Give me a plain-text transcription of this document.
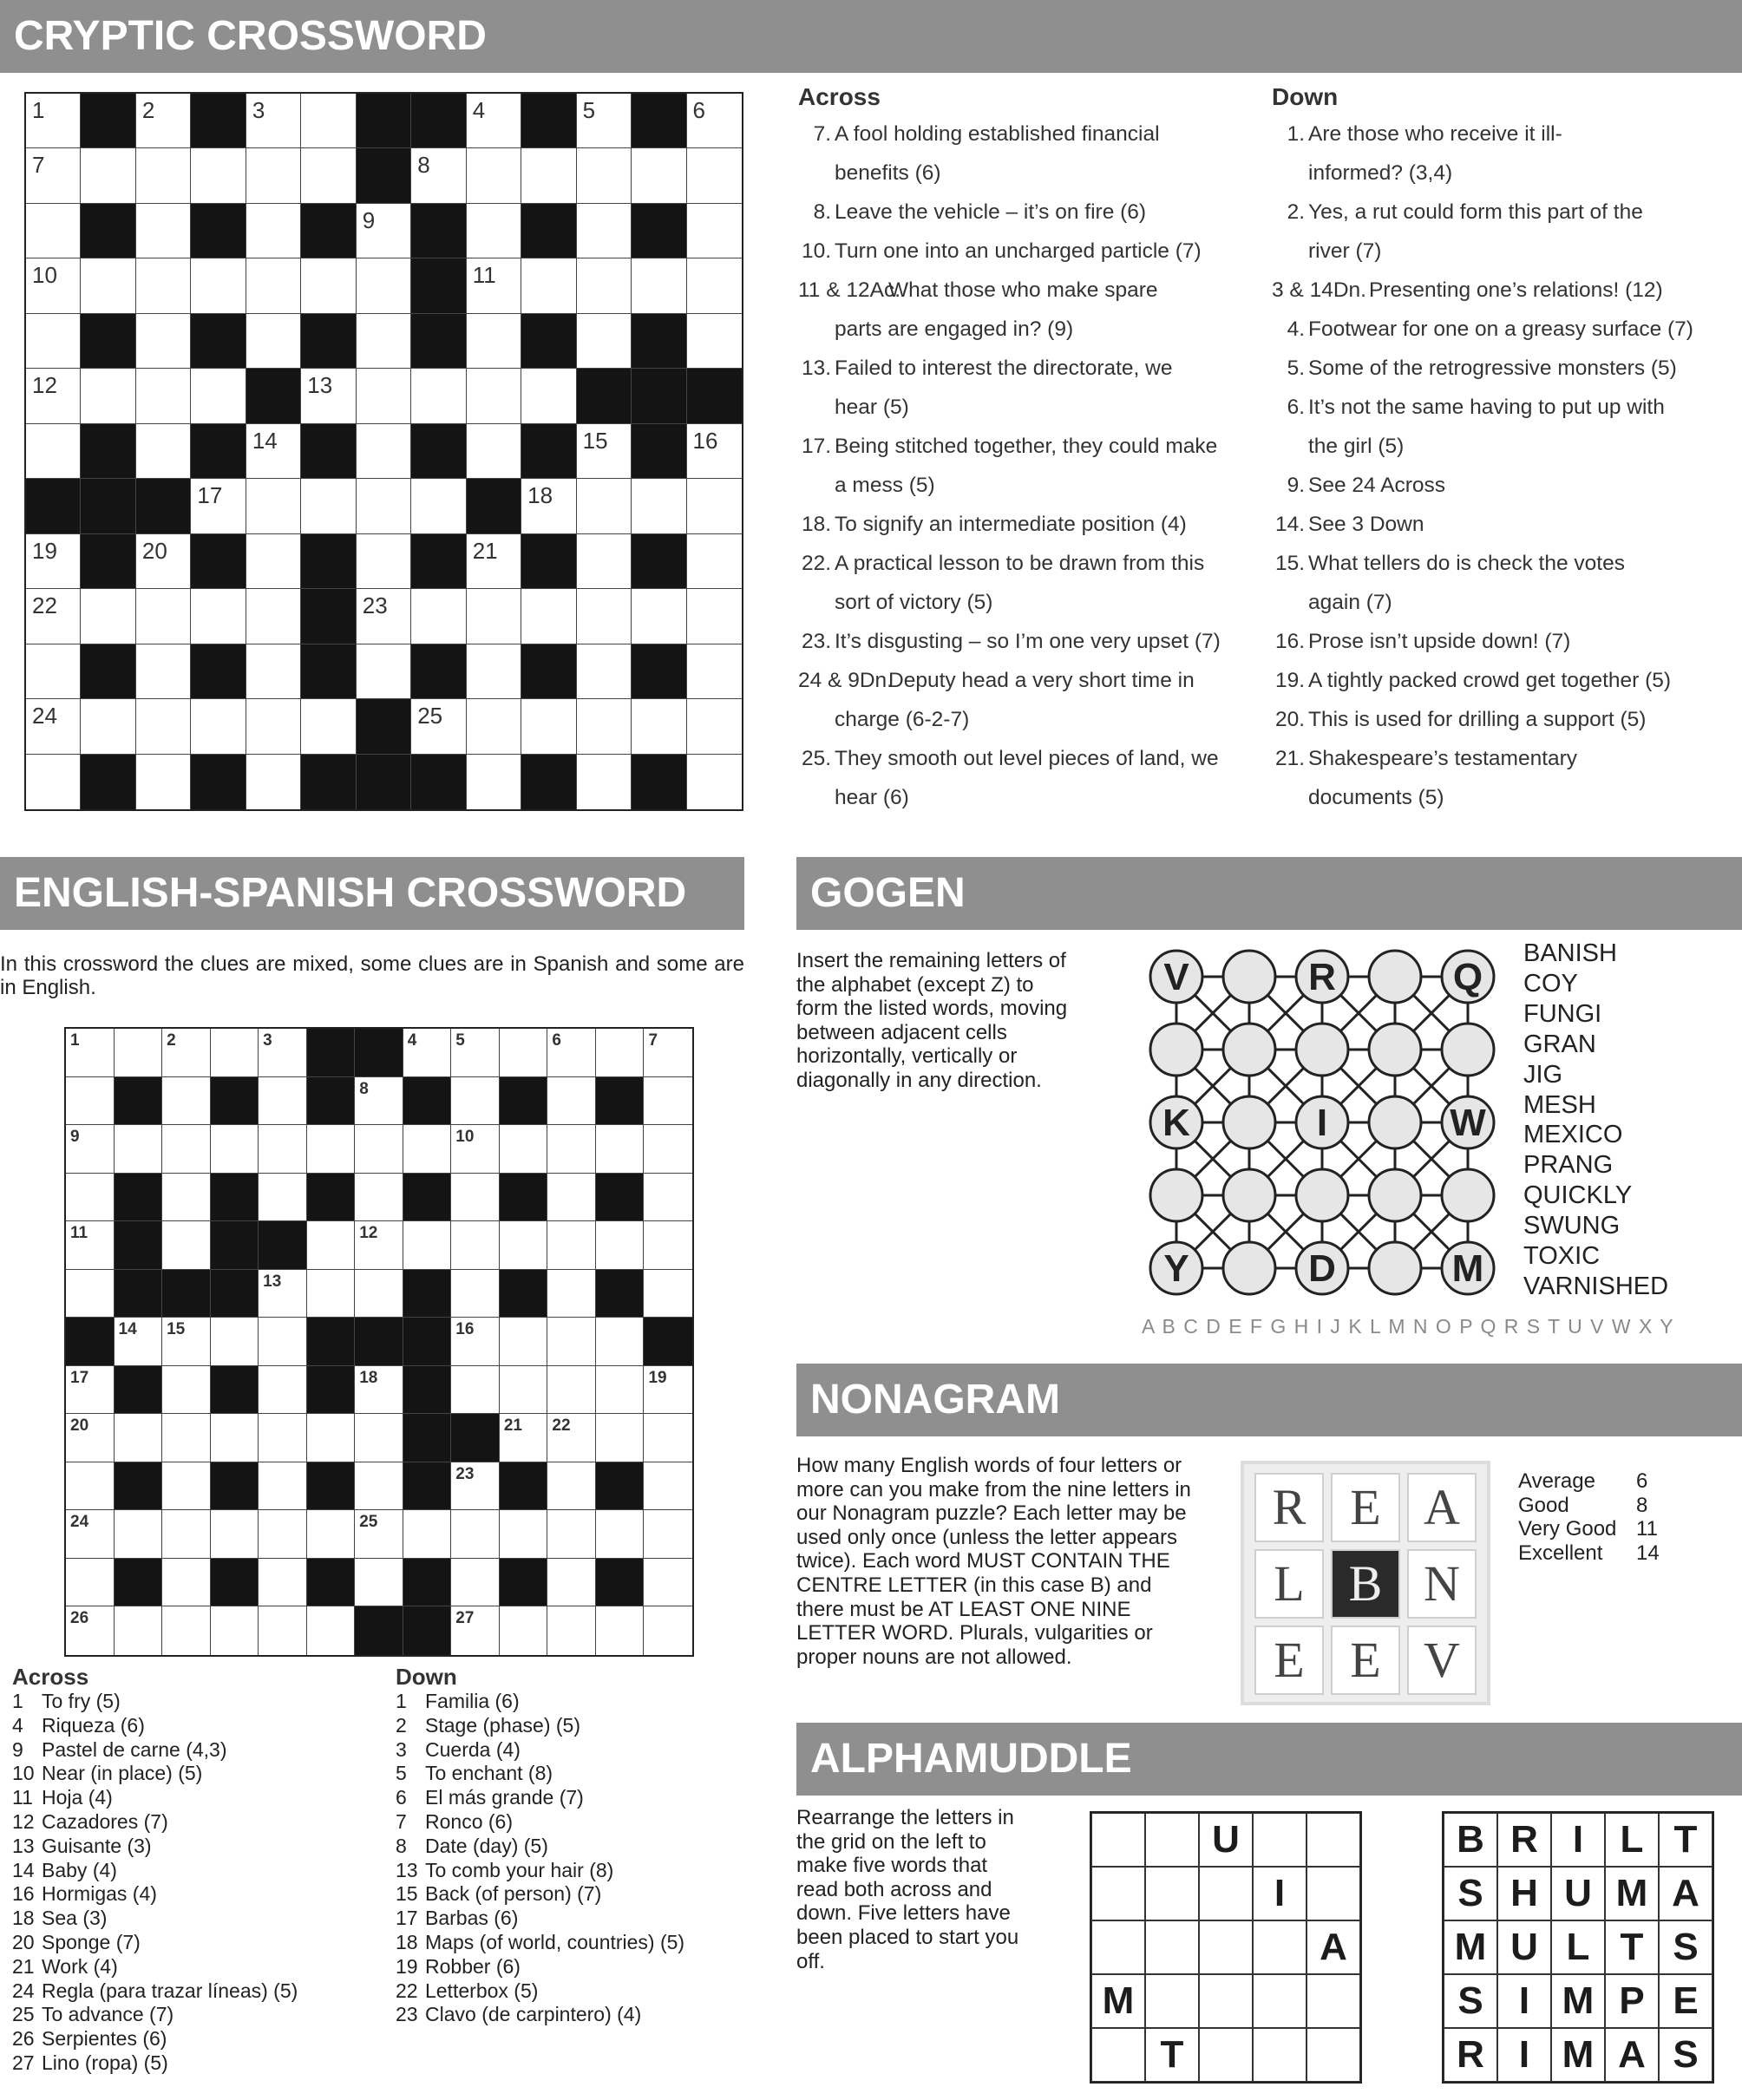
CRYPTIC CROSSWORD
1	2	3	4	5	6
7	8
9
10	11
12	13
14	15	16
17	18
19	20	21
22	23
24	25
Across
7. A fool holding established financial
benefits (6)
8. Leave the vehicle – it’s on fire (6)
10. Turn one into an uncharged particle (7)
11 & 12Ac.
What those who make spare
parts are engaged in? (9)
13. Failed to interest the directorate, we
hear (5)
17. Being stitched together, they could make
a mess (5)
18. To signify an intermediate position (4)
22. A practical lesson to be drawn from this
sort of victory (5)
23. It’s disgusting – so I’m one very upset (7)
24 & 9Dn.
Deputy head a very short time in
charge (6-2-7)
25. They smooth out level pieces of land, we
hear (6)
Down
1. Are those who receive it ill-
informed? (3,4)
2. Yes, a rut could form this part of the
river (7)
3 & 14Dn. Presenting one’s relations! (12)
4. Footwear for one on a greasy surface (7)
5. Some of the retrogressive monsters (5)
6. It’s not the same having to put up with
the girl (5)
9. See 24 Across
14. See 3 Down
15. What tellers do is check the votes
again (7)
16. Prose isn’t upside down! (7)
19. A tightly packed crowd get together (5)
20. This is used for drilling a support (5)
21. Shakespeare’s testamentary
documents (5)
ENGLISH-SPANISH CROSSWORD
In this crossword the clues are mixed, some clues are in Spanish and some are in English.
1	2	3	4 5	6	7
8
9	10
11	12
13
14 15	16
17	18	19
20	21 22
23
24	25
26	27
Across
1 To fry (5)
4 Riqueza (6)
9 Pastel de carne (4,3)
10 Near (in place) (5)
11 Hoja (4)
12 Cazadores (7)
13 Guisante (3)
14 Baby (4)
16 Hormigas (4)
18 Sea (3)
20 Sponge (7)
21 Work (4)
24 Regla (para trazar líneas) (5)
25 To advance (7)
26 Serpientes (6)
27 Lino (ropa) (5)
Down
1 Familia (6)
2 Stage (phase) (5)
3 Cuerda (4)
5 To enchant (8)
6 El más grande (7)
7 Ronco (6)
8 Date (day) (5)
13 To comb your hair (8)
15 Back (of person) (7)
17 Barbas (6)
18 Maps (of world, countries) (5)
19 Robber (6)
22 Letterbox (5)
23 Clavo (de carpintero) (4)
GOGEN
Insert the remaining letters of the alphabet (except Z) to form the listed words, moving between adjacent cells horizontally, vertically or diagonally in any direction.
V	R	Q
K	I	W
Y	D	M
BANISH
COY
FUNGI
GRAN
JIG
MESH
MEXICO
PRANG
QUICKLY
SWUNG
TOXIC
VARNISHED
A B C D E F G H I J K L M N O P Q R S T U V W X Y
NONAGRAM
How many English words of four letters or more can you make from the nine letters in our Nonagram puzzle? Each letter may be used only once (unless the letter appears twice). Each word MUST CONTAIN THE CENTRE LETTER (in this case B) and there must be AT LEAST ONE NINE LETTER WORD. Plurals, vulgarities or proper nouns are not allowed.
R E A
L B N
E E V
Average 6
Good	8
Very Good 11
Excellent 14
ALPHAMUDDLE
Rearrange the letters in the grid on the left to make five words that read both across and down. Five letters have been placed to start you off.
U
I
A
M
T
B R I L T
S H U M A
M U L T S
S I M P E
R I M A S
